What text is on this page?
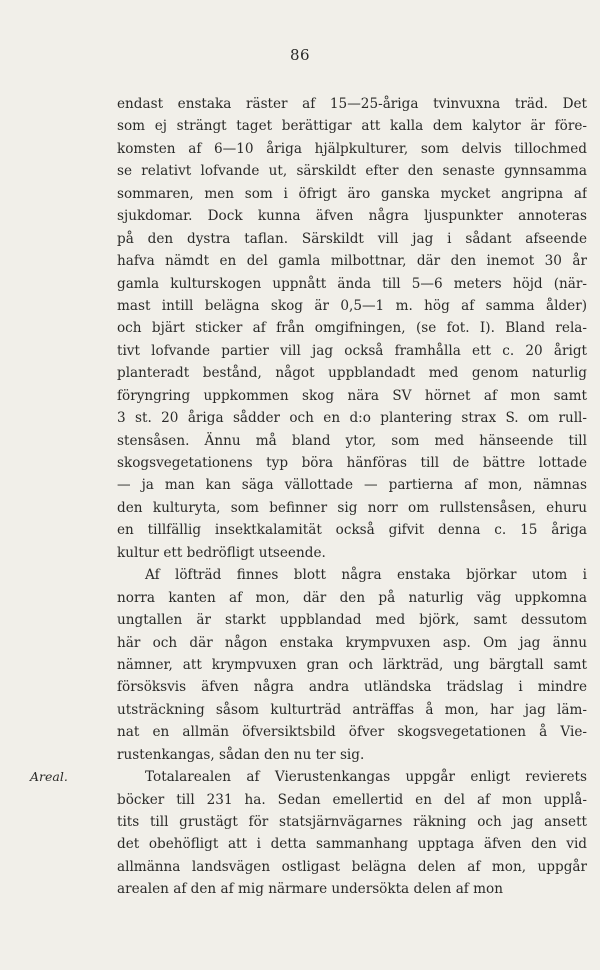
86
Areal.
endast enstaka räster af 15—25-åriga tvinvuxna träd. Det
som ej strängt taget berättigar att kalla dem kalytor är före-
komsten af 6—10 åriga hjälpkulturer, som delvis tillochmed
se relativt lofvande ut, särskildt efter den senaste gynnsamma
sommaren, men som i öfrigt äro ganska mycket angripna af
sjukdomar. Dock kunna äfven några ljuspunkter annoteras
på den dystra taflan. Särskildt vill jag i sådant afseende
hafva nämdt en del gamla milbottnar, där den inemot 30 år
gamla kulturskogen uppnått ända till 5—6 meters höjd (när-
mast intill belägna skog är 0,5—1 m. hög af samma ålder)
och bjärt sticker af från omgifningen, (se fot. I). Bland rela-
tivt lofvande partier vill jag också framhålla ett c. 20 årigt
planteradt bestånd, något uppblandadt med genom naturlig
föryngring uppkommen skog nära SV hörnet af mon samt
3 st. 20 åriga sådder och en d:o plantering strax S. om rull-
stensåsen. Ännu må bland ytor, som med hänseende till
skogsvegetationens typ böra hänföras till de bättre lottade
— ja man kan säga vällottade — partierna af mon, nämnas
den kulturyta, som befinner sig norr om rullstensåsen, ehuru
en tillfällig insektkalamität också gifvit denna c. 15 åriga
kultur ett bedröfligt utseende.
Af löfträd finnes blott några enstaka björkar utom i
norra kanten af mon, där den på naturlig väg uppkomna
ungtallen är starkt uppblandad med björk, samt dessutom
här och där någon enstaka krympvuxen asp. Om jag ännu
nämner, att krympvuxen gran och lärkträd, ung bärgtall samt
försöksvis äfven några andra utländska trädslag i mindre
utsträckning såsom kulturträd anträffas å mon, har jag läm-
nat en allmän öfversiktsbild öfver skogsvegetationen å Vie-
rustenkangas, sådan den nu ter sig.
Totalarealen af Vierustenkangas uppgår enligt revierets
böcker till 231 ha. Sedan emellertid en del af mon upplå-
tits till grustägt för statsjärnvägarnes räkning och jag ansett
det obehöfligt att i detta sammanhang upptaga äfven den vid
allmänna landsvägen ostligast belägna delen af mon, uppgår
arealen af den af mig närmare undersökta delen af mon
